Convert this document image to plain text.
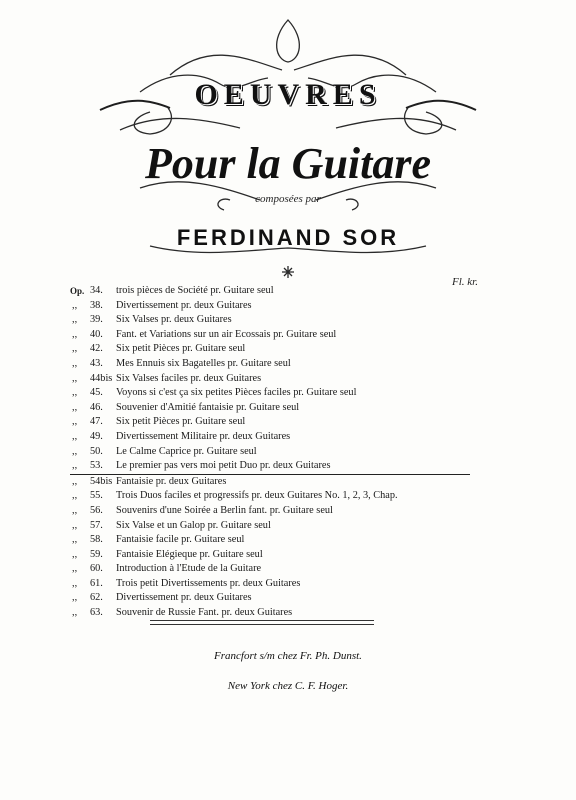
OEUVRES
Pour la Guitare
composées par
FERDINAND SOR
Fl. kr.
Op. 34.	trois pièces de Société pr. Guitare seul
,,	38.	Divertissement pr. deux Guitares
,,	39.	Six Valses pr. deux Guitares
,,	40.	Fant. et Variations sur un air Ecossais pr. Guitare seul
,,	42.	Six petit Pièces pr. Guitare seul
,,	43.	Mes Ennuis six Bagatelles pr. Guitare seul
,,	44bis Six Valses faciles pr. deux Guitares
,,	45.	Voyons si c'est ça six petites Pièces faciles pr. Guitare seul
,,	46.	Souvenier d'Amitié fantaisie pr. Guitare seul
,,	47.	Six petit Pièces pr. Guitare seul
,,	49.	Divertissement Militaire pr. deux Guitares
,,	50.	Le Calme Caprice pr. Guitare seul
,,	53.	Le premier pas vers moi petit Duo pr. deux Guitares
,,	54bis Fantaisie pr. deux Guitares
,,	55.	Trois Duos faciles et progressifs pr. deux Guitares No. 1, 2, 3, Chap.
,,	56.	Souvenirs d'une Soirée a Berlin fant. pr. Guitare seul
,,	57.	Six Valse et un Galop pr. Guitare seul
,,	58.	Fantaisie facile pr. Guitare seul
,,	59.	Fantaisie Elégieque pr. Guitare seul
,,	60.	Introduction à l'Etude de la Guitare
,,	61.	Trois petit Divertissements pr. deux Guitares
,,	62.	Divertissement pr. deux Guitares
,,	63.	Souvenir de Russie Fant. pr. deux Guitares
Francfort s/m chez Fr. Ph. Dunst.
New York chez C. F. Hoger.
